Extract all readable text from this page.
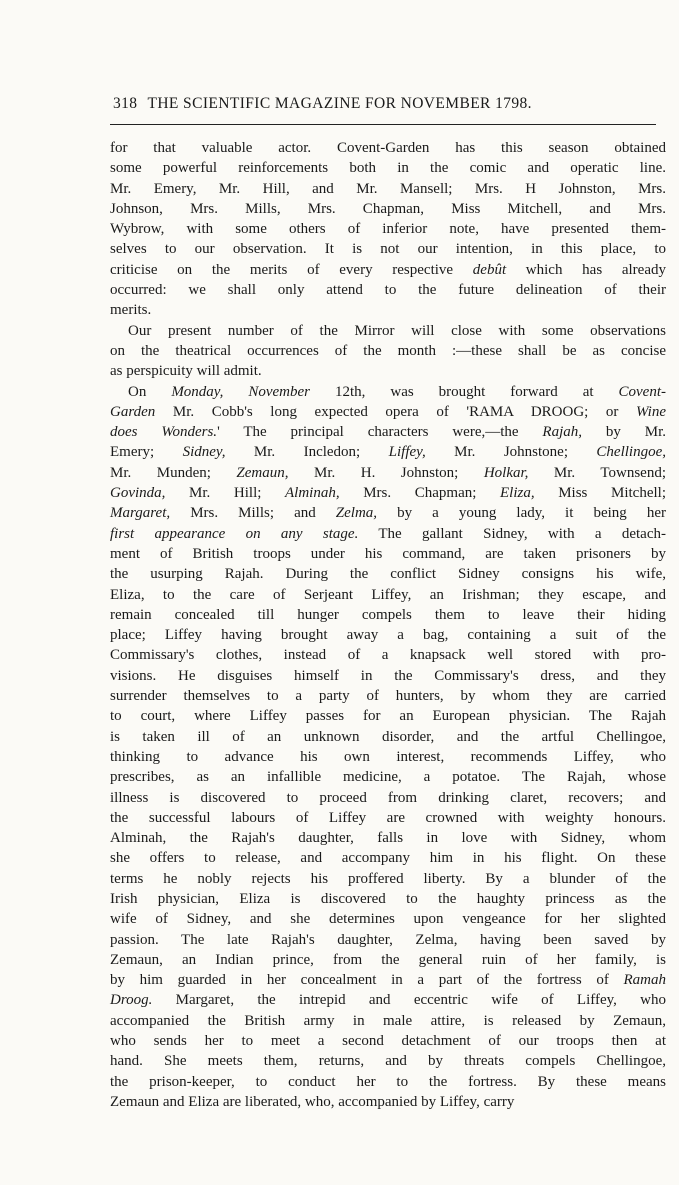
318 THE SCIENTIFIC MAGAZINE FOR NOVEMBER 1798.
for that valuable actor. Covent-Garden has this season obtained
some powerful reinforcements both in the comic and operatic line.
Mr. Emery, Mr. Hill, and Mr. Mansell; Mrs. H Johnston, Mrs.
Johnson, Mrs. Mills, Mrs. Chapman, Miss Mitchell, and Mrs.
Wybrow, with some others of inferior note, have presented them-
selves to our observation. It is not our intention, in this place, to
criticise on the merits of every respective debût which has already
occurred: we shall only attend to the future delineation of their
merits.
Our present number of the Mirror will close with some observations
on the theatrical occurrences of the month :—these shall be as concise
as perspicuity will admit.
On Monday, November 12th, was brought forward at Covent-
Garden Mr. Cobb's long expected opera of 'RAMA DROOG; or Wine
does Wonders.' The principal characters were,—the Rajah, by Mr.
Emery; Sidney, Mr. Incledon; Liffey, Mr. Johnstone; Chellingoe,
Mr. Munden; Zemaun, Mr. H. Johnston; Holkar, Mr. Townsend;
Govinda, Mr. Hill; Alminah, Mrs. Chapman; Eliza, Miss Mitchell;
Margaret, Mrs. Mills; and Zelma, by a young lady, it being her
first appearance on any stage. The gallant Sidney, with a detach-
ment of British troops under his command, are taken prisoners by
the usurping Rajah. During the conflict Sidney consigns his wife,
Eliza, to the care of Serjeant Liffey, an Irishman; they escape, and
remain concealed till hunger compels them to leave their hiding
place; Liffey having brought away a bag, containing a suit of the
Commissary's clothes, instead of a knapsack well stored with pro-
visions. He disguises himself in the Commissary's dress, and they
surrender themselves to a party of hunters, by whom they are carried
to court, where Liffey passes for an European physician. The Rajah
is taken ill of an unknown disorder, and the artful Chellingoe,
thinking to advance his own interest, recommends Liffey, who
prescribes, as an infallible medicine, a potatoe. The Rajah, whose
illness is discovered to proceed from drinking claret, recovers; and
the successful labours of Liffey are crowned with weighty honours.
Alminah, the Rajah's daughter, falls in love with Sidney, whom
she offers to release, and accompany him in his flight. On these
terms he nobly rejects his proffered liberty. By a blunder of the
Irish physician, Eliza is discovered to the haughty princess as the
wife of Sidney, and she determines upon vengeance for her slighted
passion. The late Rajah's daughter, Zelma, having been saved by
Zemaun, an Indian prince, from the general ruin of her family, is
by him guarded in her concealment in a part of the fortress of Ramah
Droog. Margaret, the intrepid and eccentric wife of Liffey, who
accompanied the British army in male attire, is released by Zemaun,
who sends her to meet a second detachment of our troops then at
hand. She meets them, returns, and by threats compels Chellingoe,
the prison-keeper, to conduct her to the fortress. By these means
Zemaun and Eliza are liberated, who, accompanied by Liffey, carry
